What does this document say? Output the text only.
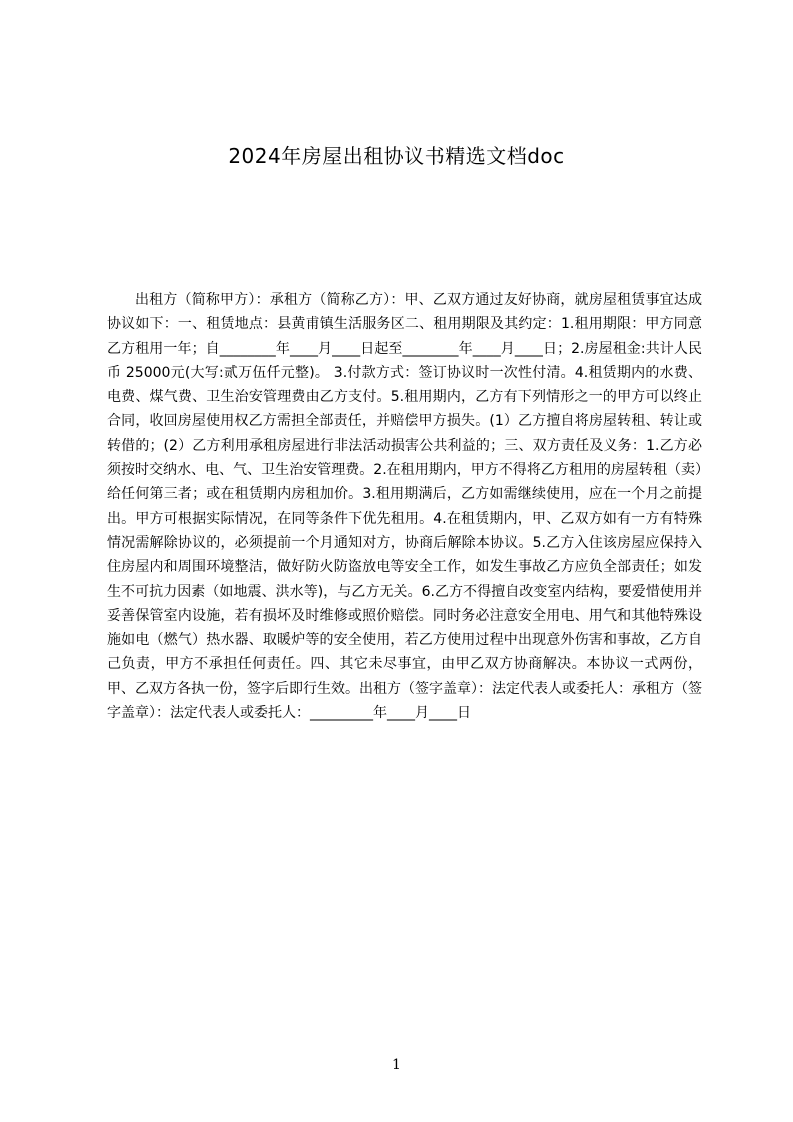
2024年房屋出租协议书精选文档doc

出租方（简称甲方）：承租方（简称乙方）：甲、乙双方通过友好协商，就房屋租赁事宜达成协议如下：一、租赁地点：县黄甫镇生活服务区二、租用期限及其约定：1.租用期限：甲方同意乙方租用一年；自________年____月____日起至________年____月____日；2.房屋租金:共计人民币 25000元(大写:贰万伍仟元整)。 3.付款方式：签订协议时一次性付清。4.租赁期内的水费、电费、煤气费、卫生治安管理费由乙方支付。5.租用期内，乙方有下列情形之一的甲方可以终止合同，收回房屋使用权乙方需担全部责任，并赔偿甲方损失。(1）乙方擅自将房屋转租、转让或转借的；(2）乙方利用承租房屋进行非法活动损害公共利益的；三、双方责任及义务：1.乙方必须按时交纳水、电、气、卫生治安管理费。2.在租用期内，甲方不得将乙方租用的房屋转租（卖）给任何第三者；或在租赁期内房租加价。3.租用期满后，乙方如需继续使用，应在一个月之前提出。甲方可根据实际情况，在同等条件下优先租用。4.在租赁期内，甲、乙双方如有一方有特殊情况需解除协议的，必须提前一个月通知对方，协商后解除本协议。5.乙方入住该房屋应保持入住房屋内和周围环境整洁，做好防火防盗放电等安全工作，如发生事故乙方应负全部责任；如发生不可抗力因素（如地震、洪水等)，与乙方无关。6.乙方不得擅自改变室内结构，要爱惜使用并妥善保管室内设施，若有损坏及时维修或照价赔偿。同时务必注意安全用电、用气和其他特殊设施如电（燃气）热水器、取暖炉等的安全使用，若乙方使用过程中出现意外伤害和事故，乙方自己负责，甲方不承担任何责任。四、其它未尽事宜，由甲乙双方协商解决。本协议一式两份，甲、乙双方各执一份，签字后即行生效。出租方（签字盖章）：法定代表人或委托人：承租方（签字盖章）：法定代表人或委托人：_________年____月____日

1
